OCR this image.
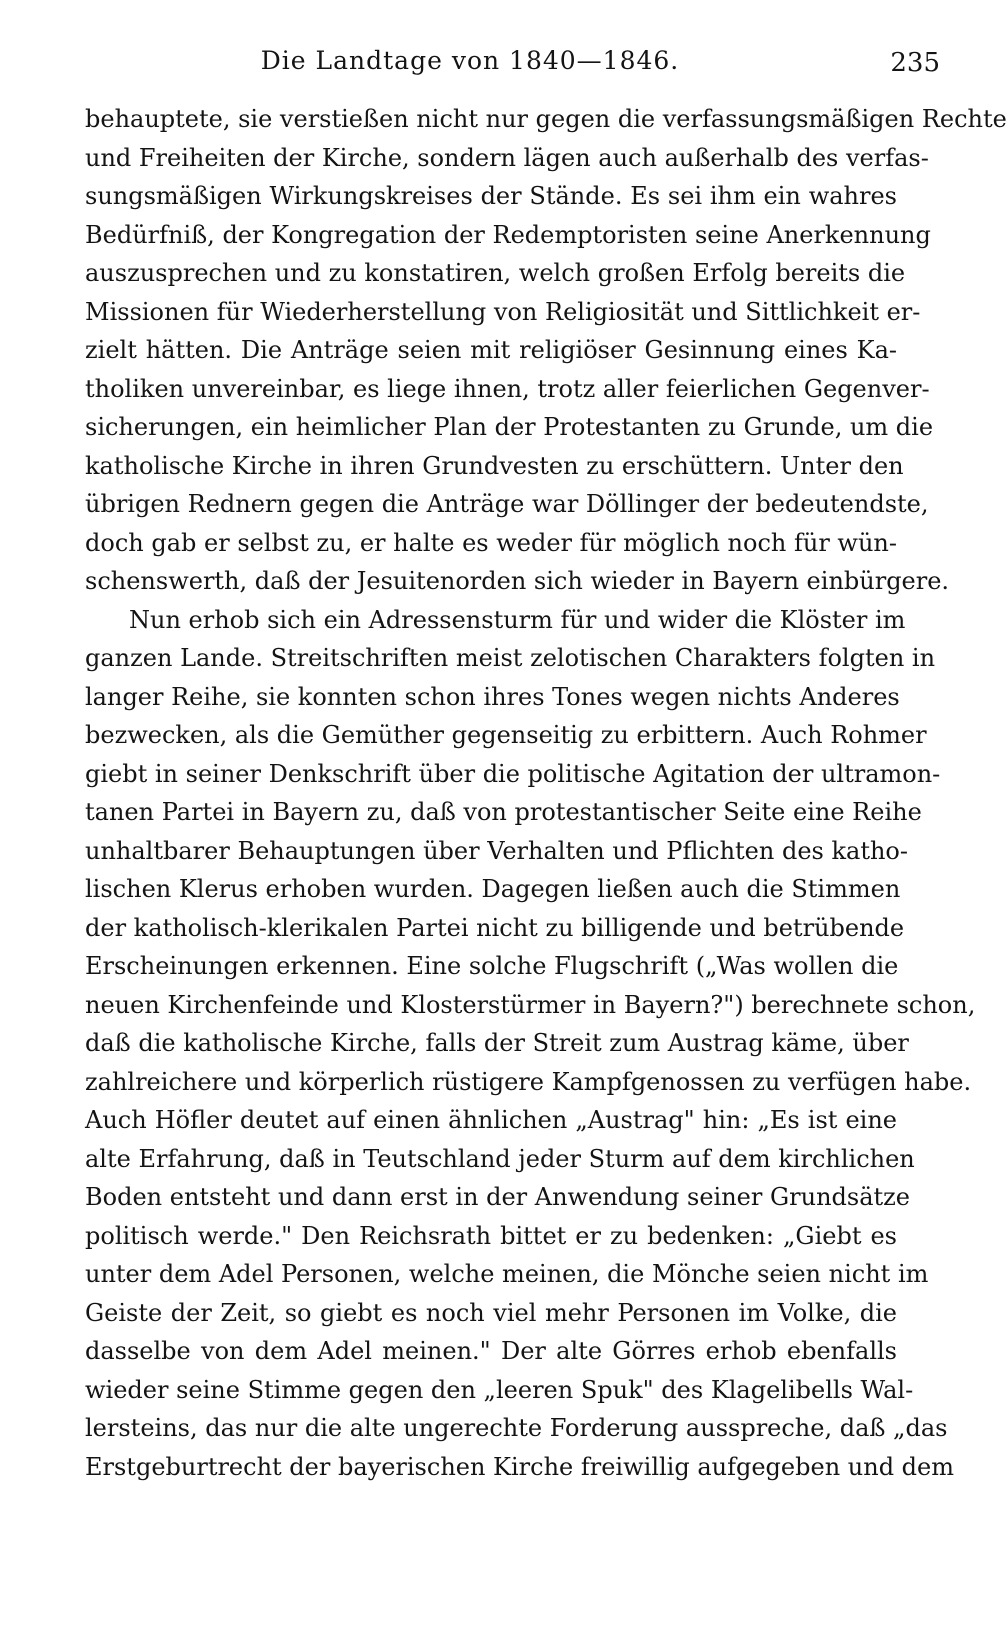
Die Landtage von 1840—1846.	235
behauptete, sie verstießen nicht nur gegen die verfassungsmäßigen Rechte
und Freiheiten der Kirche, sondern lägen auch außerhalb des verfas-
sungsmäßigen Wirkungskreises der Stände. Es sei ihm ein wahres
Bedürfniß, der Kongregation der Redemptoristen seine Anerkennung
auszusprechen und zu konstatiren, welch großen Erfolg bereits die
Missionen für Wiederherstellung von Religiosität und Sittlichkeit er-
zielt hätten. Die Anträge seien mit religiöser Gesinnung eines Ka-
tholiken unvereinbar, es liege ihnen, trotz aller feierlichen Gegenver-
sicherungen, ein heimlicher Plan der Protestanten zu Grunde, um die
katholische Kirche in ihren Grundvesten zu erschüttern. Unter den
übrigen Rednern gegen die Anträge war Döllinger der bedeutendste,
doch gab er selbst zu, er halte es weder für möglich noch für wün-
schenswerth, daß der Jesuitenorden sich wieder in Bayern einbürgere.
Nun erhob sich ein Adressensturm für und wider die Klöster im
ganzen Lande. Streitschriften meist zelotischen Charakters folgten in
langer Reihe, sie konnten schon ihres Tones wegen nichts Anderes
bezwecken, als die Gemüther gegenseitig zu erbittern. Auch Rohmer
giebt in seiner Denkschrift über die politische Agitation der ultramon-
tanen Partei in Bayern zu, daß von protestantischer Seite eine Reihe
unhaltbarer Behauptungen über Verhalten und Pflichten des katho-
lischen Klerus erhoben wurden. Dagegen ließen auch die Stimmen
der katholisch-klerikalen Partei nicht zu billigende und betrübende
Erscheinungen erkennen. Eine solche Flugschrift („Was wollen die
neuen Kirchenfeinde und Klosterstürmer in Bayern?") berechnete schon,
daß die katholische Kirche, falls der Streit zum Austrag käme, über
zahlreichere und körperlich rüstigere Kampfgenossen zu verfügen habe.
Auch Höfler deutet auf einen ähnlichen „Austrag" hin: „Es ist eine
alte Erfahrung, daß in Teutschland jeder Sturm auf dem kirchlichen
Boden entsteht und dann erst in der Anwendung seiner Grundsätze
politisch werde." Den Reichsrath bittet er zu bedenken: „Giebt es
unter dem Adel Personen, welche meinen, die Mönche seien nicht im
Geiste der Zeit, so giebt es noch viel mehr Personen im Volke, die
dasselbe von dem Adel meinen." Der alte Görres erhob ebenfalls
wieder seine Stimme gegen den „leeren Spuk" des Klagelibells Wal-
lersteins, das nur die alte ungerechte Forderung ausspreche, daß „das
Erstgeburtrecht der bayerischen Kirche freiwillig aufgegeben und dem
